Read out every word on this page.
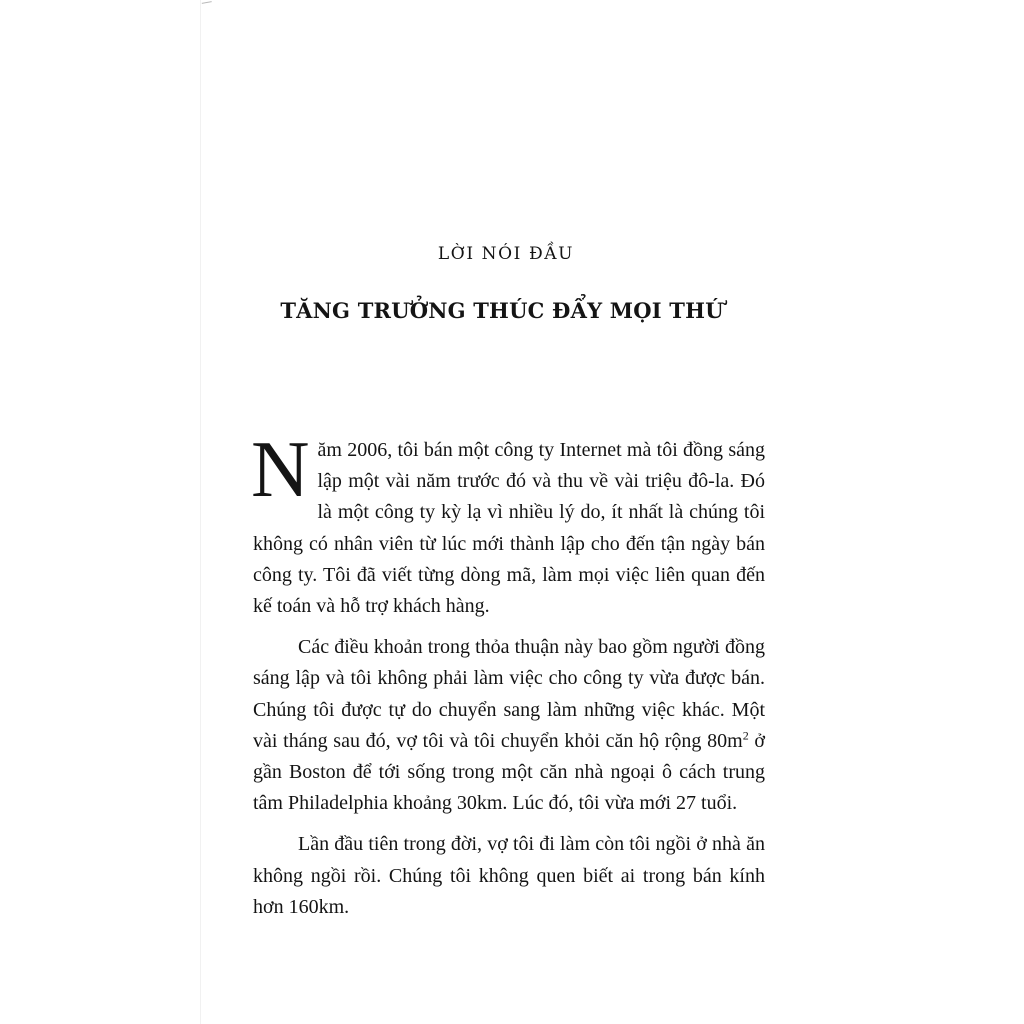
LỜI NÓI ĐẦU
TĂNG TRƯỞNG THÚC ĐẨY MỌI THỨ

Năm 2006, tôi bán một công ty Internet mà tôi đồng sáng lập một vài năm trước đó và thu về vài triệu đô-la. Đó là một công ty kỳ lạ vì nhiều lý do, ít nhất là chúng tôi không có nhân viên từ lúc mới thành lập cho đến tận ngày bán công ty. Tôi đã viết từng dòng mã, làm mọi việc liên quan đến kế toán và hỗ trợ khách hàng.

Các điều khoản trong thỏa thuận này bao gồm người đồng sáng lập và tôi không phải làm việc cho công ty vừa được bán. Chúng tôi được tự do chuyển sang làm những việc khác. Một vài tháng sau đó, vợ tôi và tôi chuyển khỏi căn hộ rộng $80m^2$ ở gần Boston để tới sống trong một căn nhà ngoại ô cách trung tâm Philadelphia khoảng 30km. Lúc đó, tôi vừa mới 27 tuổi.

Lần đầu tiên trong đời, vợ tôi đi làm còn tôi ngồi ở nhà ăn không ngồi rồi. Chúng tôi không quen biết ai trong bán kính hơn 160km.
